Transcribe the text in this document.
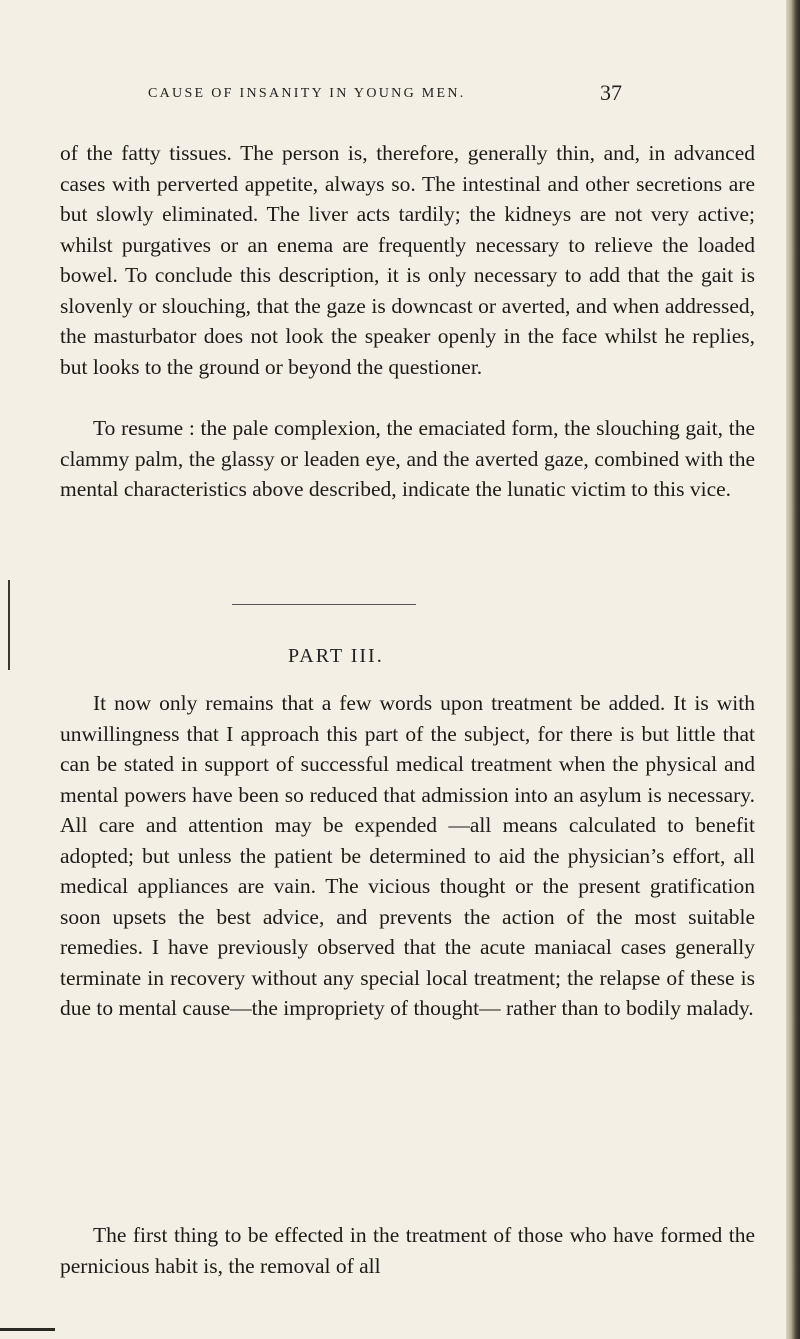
CAUSE OF INSANITY IN YOUNG MEN.	37

of the fatty tissues. The person is, therefore, generally thin, and, in advanced cases with perverted appetite, always so. The intestinal and other secretions are but slowly eliminated. The liver acts tardily; the kidneys are not very active; whilst purgatives or an enema are frequently necessary to relieve the loaded bowel. To conclude this description, it is only necessary to add that the gait is slovenly or slouching, that the gaze is downcast or averted, and when addressed, the masturbator does not look the speaker openly in the face whilst he replies, but looks to the ground or beyond the questioner.

To resume : the pale complexion, the emaciated form, the slouching gait, the clammy palm, the glassy or leaden eye, and the averted gaze, combined with the mental characteristics above described, indicate the lunatic victim to this vice.

PART III.

It now only remains that a few words upon treatment be added. It is with unwillingness that I approach this part of the subject, for there is but little that can be stated in support of successful medical treatment when the physical and mental powers have been so reduced that admission into an asylum is necessary. All care and attention may be expended —all means calculated to benefit adopted; but unless the patient be determined to aid the physician’s effort, all medical appliances are vain. The vicious thought or the present gratification soon upsets the best advice, and prevents the action of the most suitable remedies. I have previously observed that the acute maniacal cases generally terminate in recovery without any special local treatment; the relapse of these is due to mental cause—the impropriety of thought— rather than to bodily malady.

The first thing to be effected in the treatment of those who have formed the pernicious habit is, the removal of all
